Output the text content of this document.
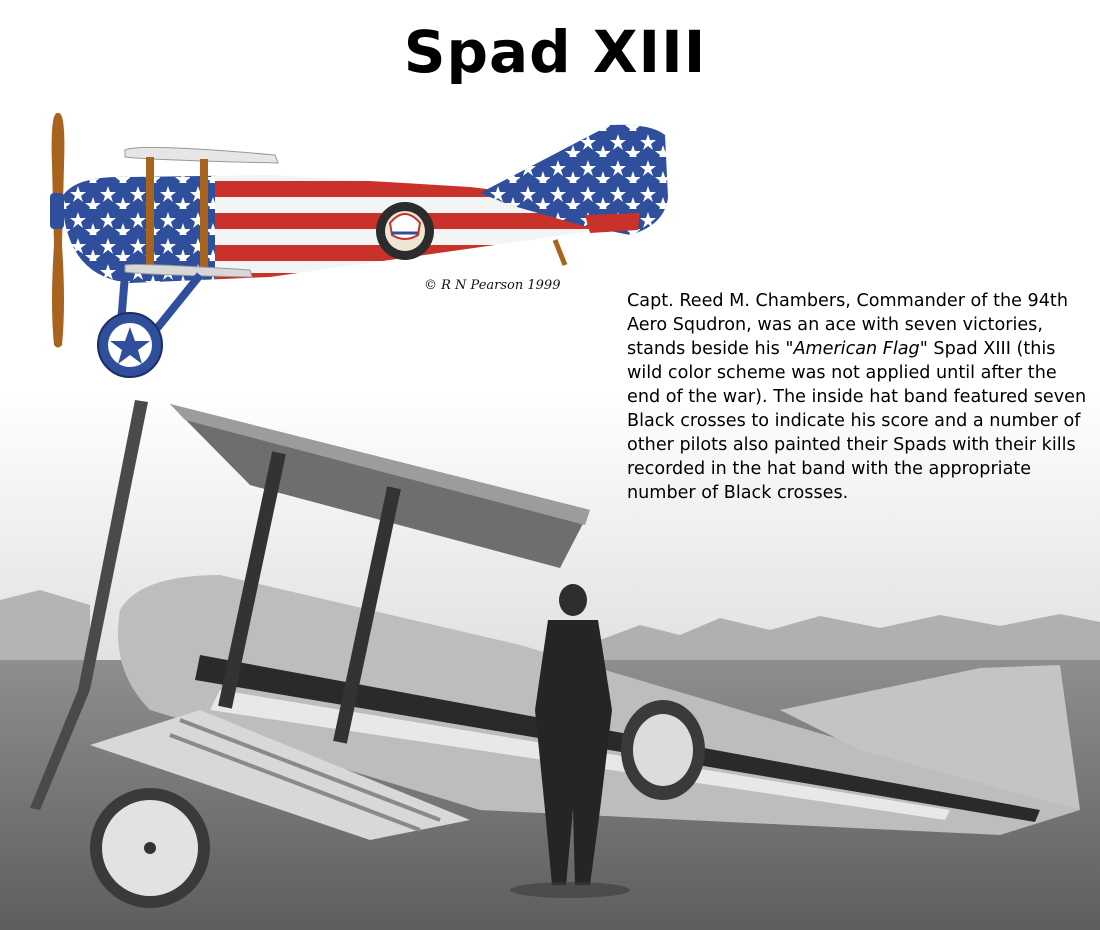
Spad XIII
© R N Pearson 1999

Capt. Reed M. Chambers, Commander of the 94th Aero Squdron, was an ace with seven victories, stands beside his "American Flag" Spad XIII (this wild color scheme was not applied until after the end of the war). The inside hat band featured seven Black crosses to indicate his score and a number of other pilots also painted their Spads with their kills recorded in the hat band with the appropriate number of Black crosses.
